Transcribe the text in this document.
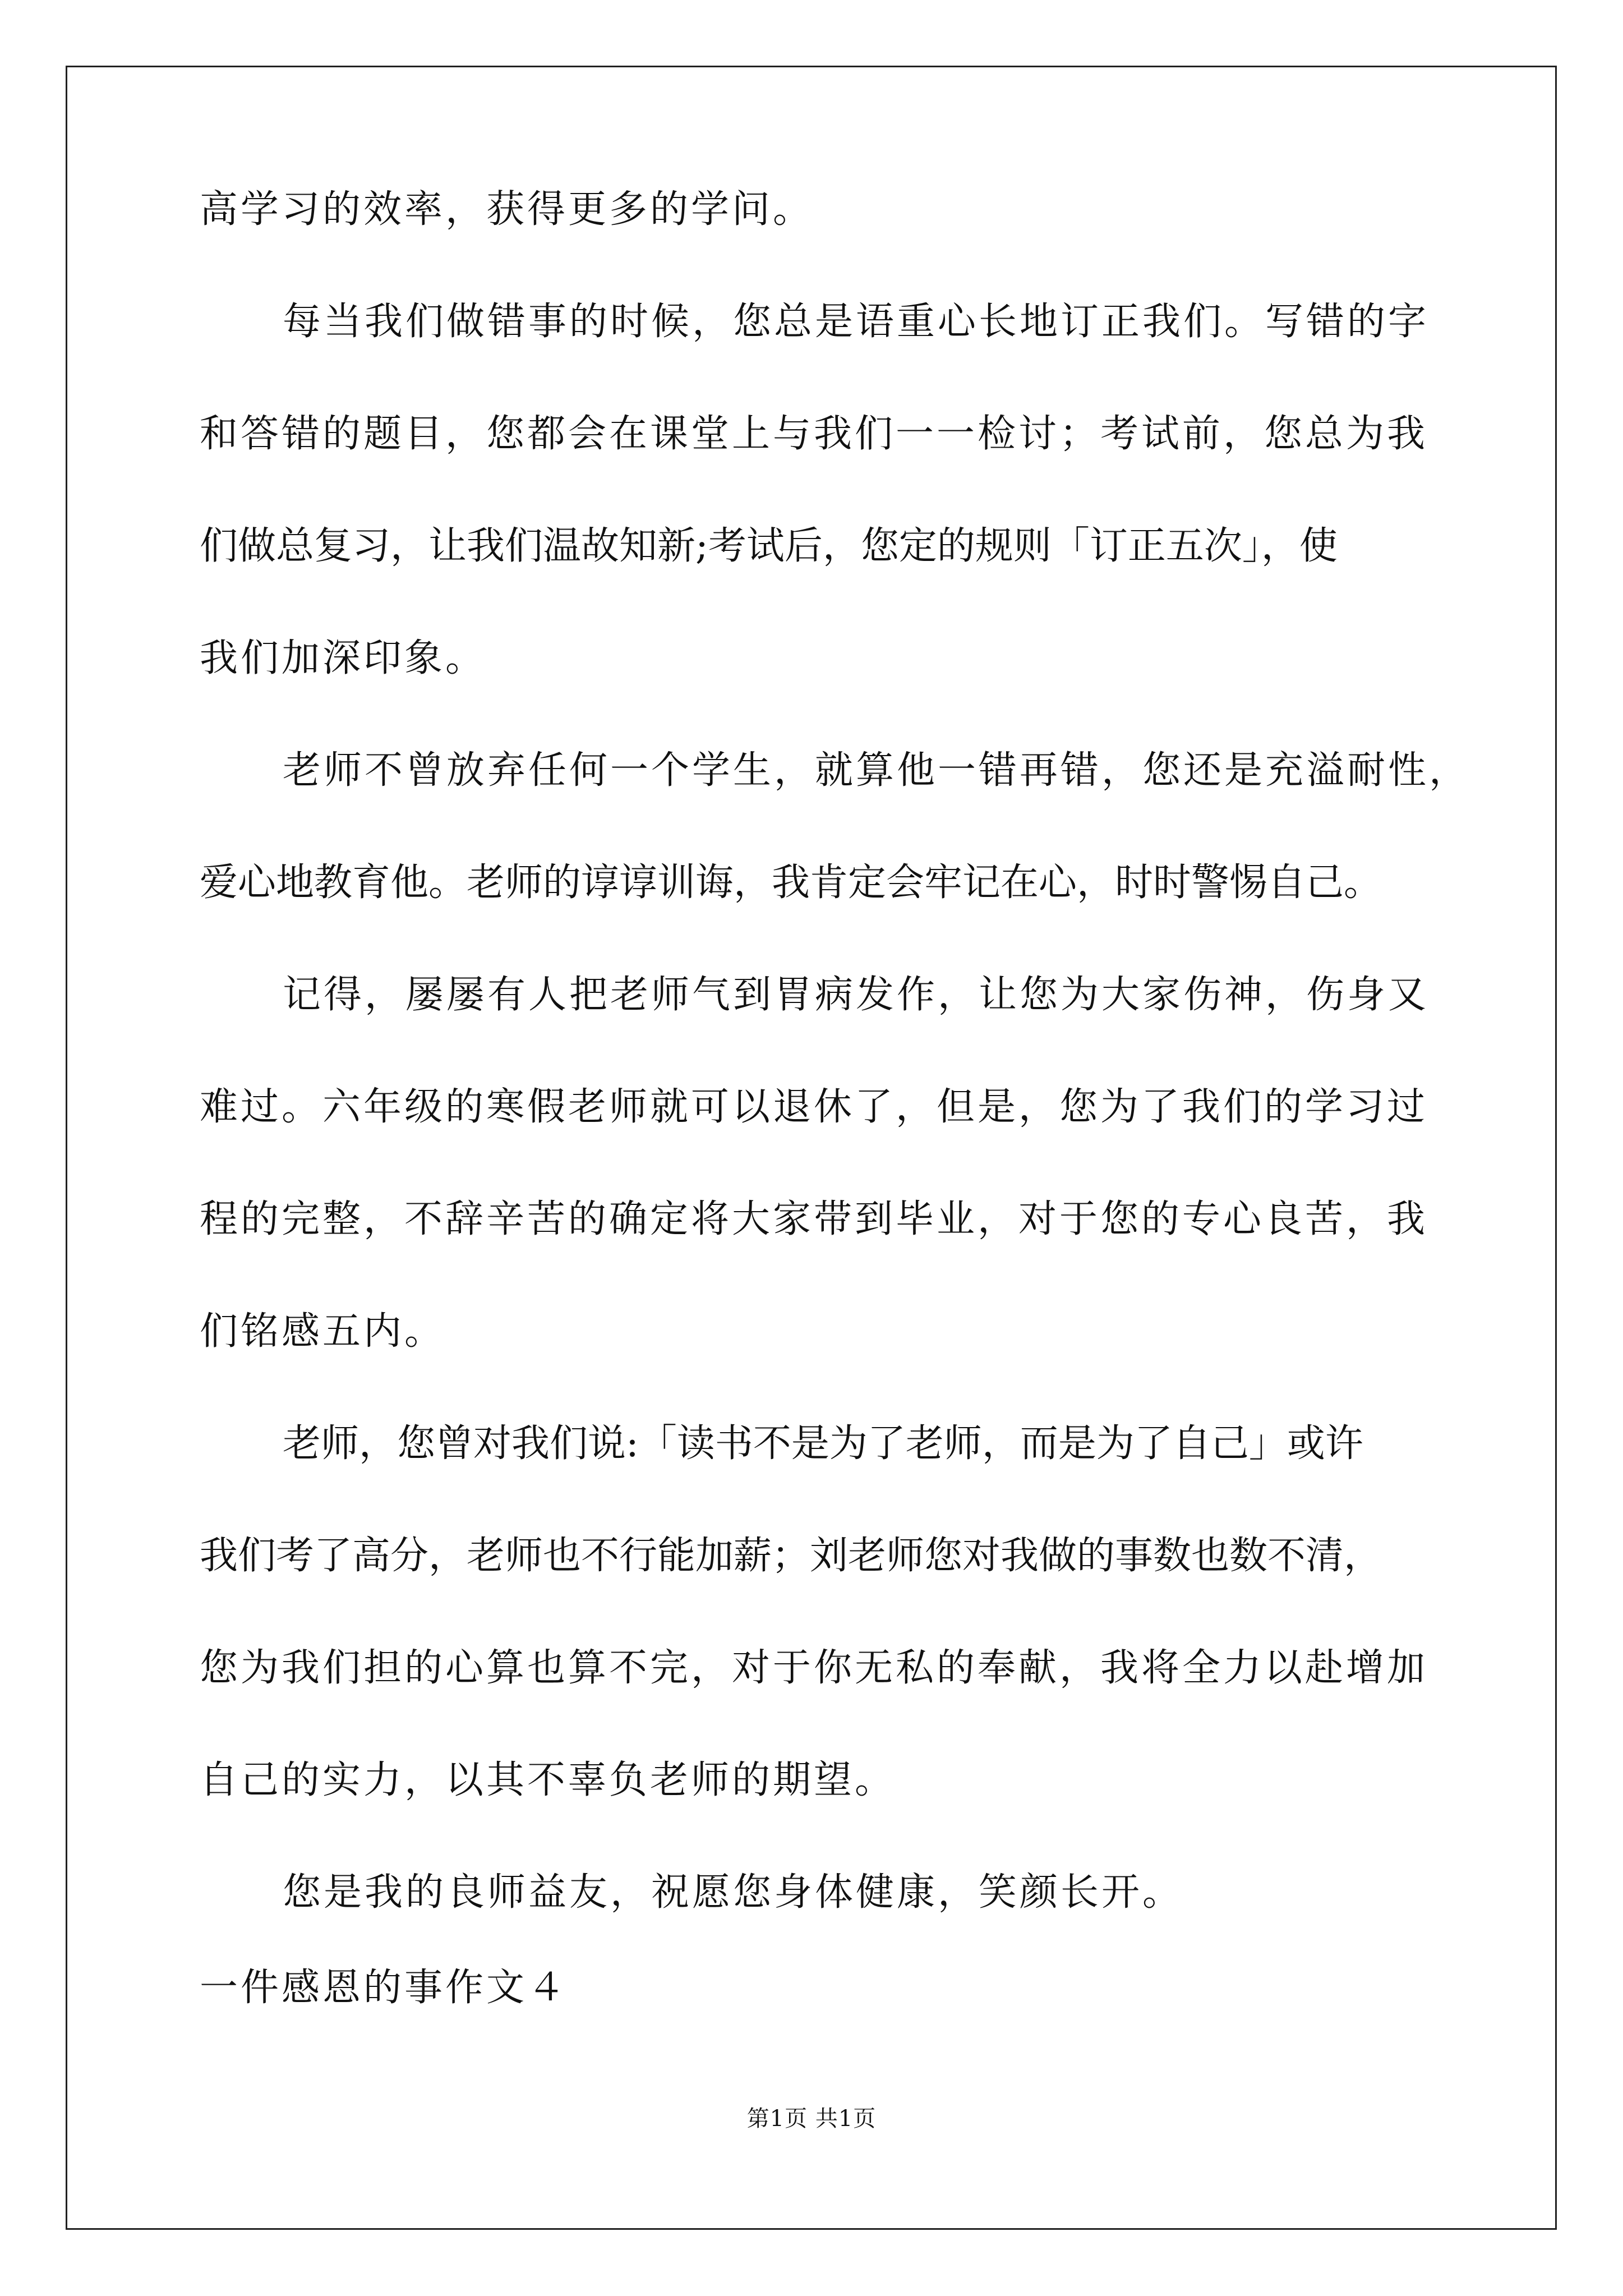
高学习的效率，获得更多的学问。
每当我们做错事的时候，您总是语重心长地订正我们。写错的字
和答错的题目，您都会在课堂上与我们一一检讨；考试前，您总为我
们做总复习，让我们温故知新;考试后，您定的规则「订正五次」，使
我们加深印象。
老师不曾放弃任何一个学生，就算他一错再错，您还是充溢耐性，
爱心地教育他。老师的谆谆训诲，我肯定会牢记在心，时时警惕自己。
记得，屡屡有人把老师气到胃病发作，让您为大家伤神，伤身又
难过。六年级的寒假老师就可以退休了，但是，您为了我们的学习过
程的完整，不辞辛苦的确定将大家带到毕业，对于您的专心良苦，我
们铭感五内。
老师，您曾对我们说:「读书不是为了老师，而是为了自己」或许
我们考了高分，老师也不行能加薪；刘老师您对我做的事数也数不清，
您为我们担的心算也算不完，对于你无私的奉献，我将全力以赴增加
自己的实力，以其不辜负老师的期望。
您是我的良师益友，祝愿您身体健康，笑颜长开。
一件感恩的事作文４
第1页 共1页
